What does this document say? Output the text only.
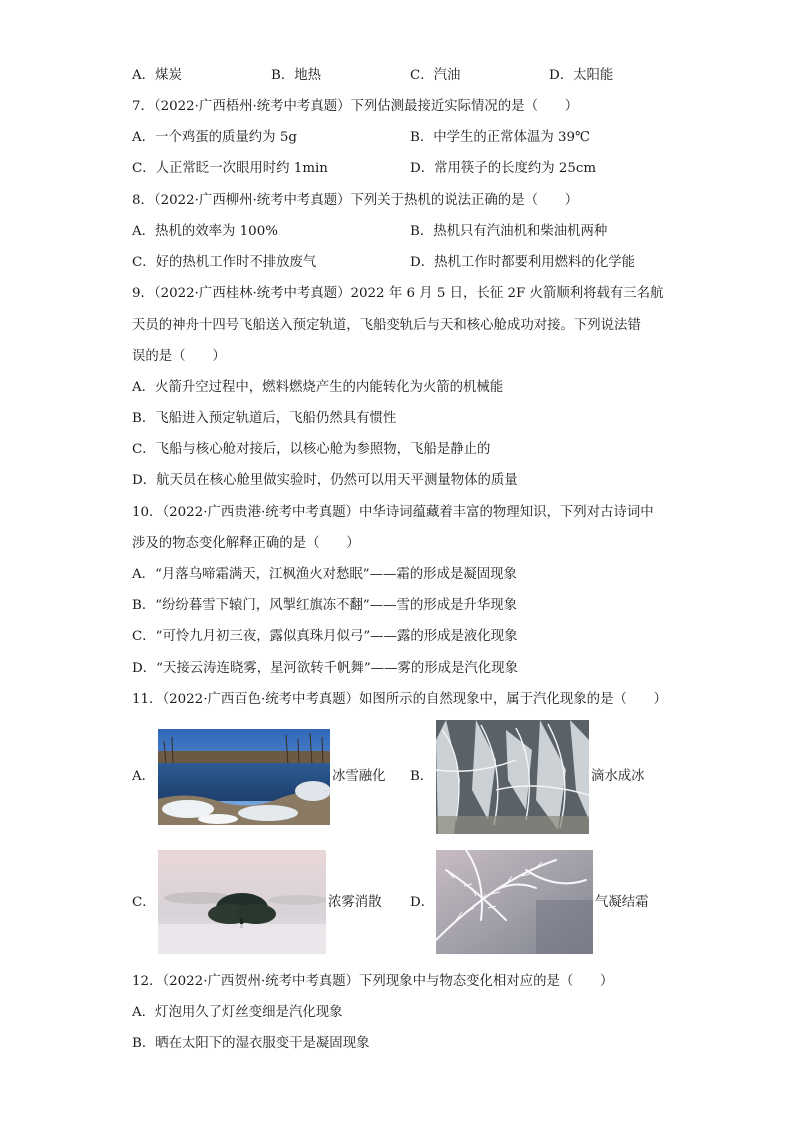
A．煤炭	B．地热	C．汽油	D．太阳能
7．（2022·广西梧州·统考中考真题）下列估测最接近实际情况的是（　　）
A．一个鸡蛋的质量约为 5g	B．中学生的正常体温为 39℃
C．人正常眨一次眼用时约 1min	D．常用筷子的长度约为 25cm
8．（2022·广西柳州·统考中考真题）下列关于热机的说法正确的是（　　）
A．热机的效率为 100%	B．热机只有汽油机和柴油机两种
C．好的热机工作时不排放废气	D．热机工作时都要利用燃料的化学能
9．（2022·广西桂林·统考中考真题）2022 年 6 月 5 日，长征 2F 火箭顺利将载有三名航
天员的神舟十四号飞船送入预定轨道，飞船变轨后与天和核心舱成功对接。下列说法错
误的是（　　）
A．火箭升空过程中，燃料燃烧产生的内能转化为火箭的机械能
B．飞船进入预定轨道后，飞船仍然具有惯性
C．飞船与核心舱对接后，以核心舱为参照物，飞船是静止的
D．航天员在核心舱里做实验时，仍然可以用天平测量物体的质量
10．（2022·广西贵港·统考中考真题）中华诗词蕴藏着丰富的物理知识，下列对古诗词中
涉及的物态变化解释正确的是（　　）
A．“月落乌啼霜满天，江枫渔火对愁眠”——霜的形成是凝固现象
B．“纷纷暮雪下辕门，风掣红旗冻不翻”——雪的形成是升华现象
C．“可怜九月初三夜，露似真珠月似弓”——露的形成是液化现象
D．“天接云涛连晓雾，星河欲转千帆舞”——雾的形成是汽化现象
11．（2022·广西百色·统考中考真题）如图所示的自然现象中，属于汽化现象的是（　　）
A．	冰雪融化 B．	滴水成冰
C．	浓雾消散 D．	气凝结霜
12．（2022·广西贺州·统考中考真题）下列现象中与物态变化相对应的是（　　）
A．灯泡用久了灯丝变细是汽化现象
B．晒在太阳下的湿衣服变干是凝固现象
